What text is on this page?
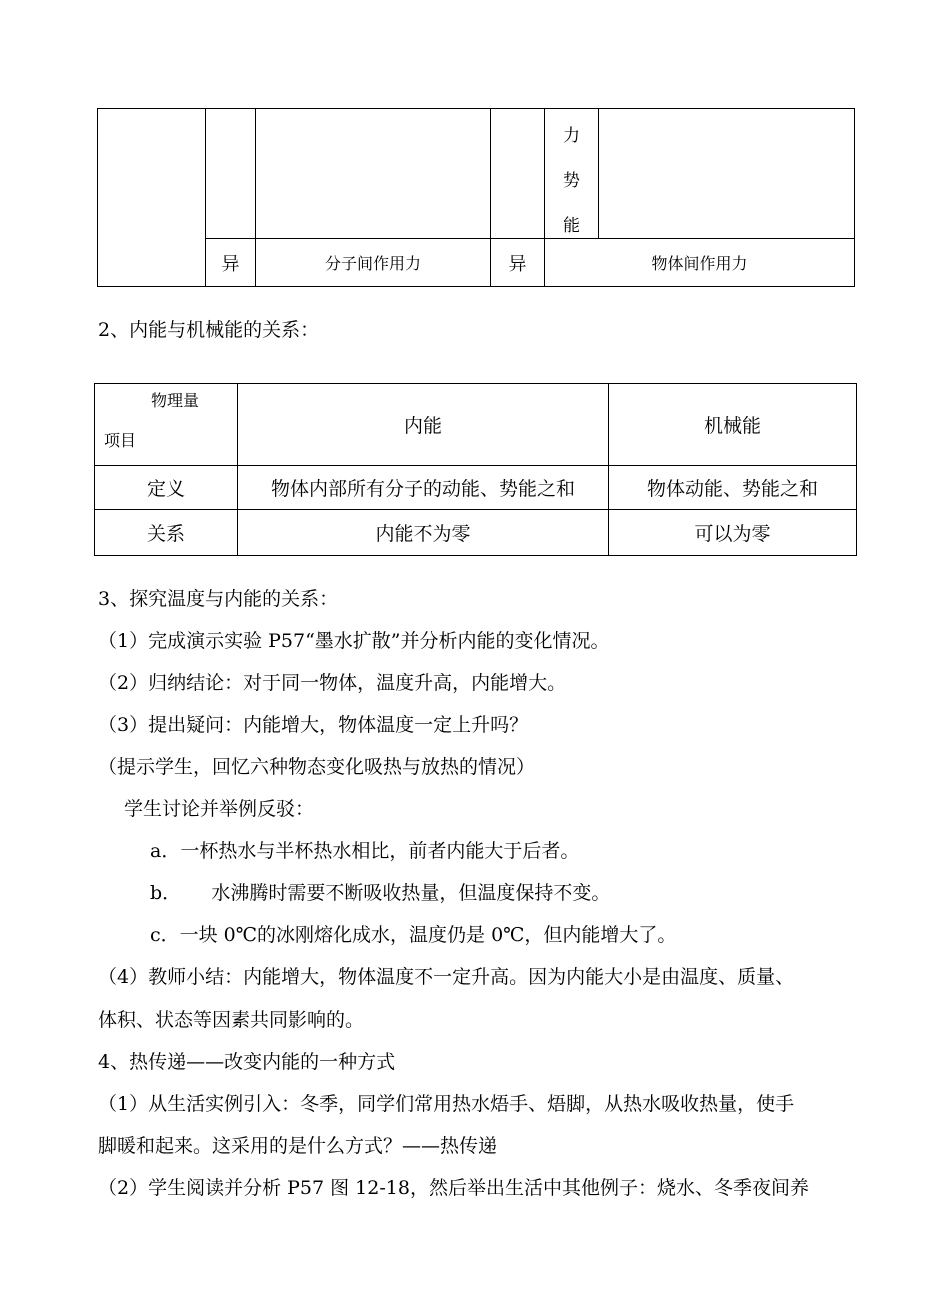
				力
势
能	

	异	分子间作用力	异	物体间作用力	
2、内能与机械能的关系：
物理量
项目	内能	机械能
定义	物体内部所有分子的动能、势能之和	物体动能、势能之和
关系	内能不为零	可以为零
3、探究温度与内能的关系：
（1）完成演示实验 P57“墨水扩散”并分析内能的变化情况。
（2）归纳结论：对于同一物体，温度升高，内能增大。
（3）提出疑问：内能增大，物体温度一定上升吗？
（提示学生，回忆六种物态变化吸热与放热的情况）
学生讨论并举例反驳：
a．一杯热水与半杯热水相比，前者内能大于后者。
b．     水沸腾时需要不断吸收热量，但温度保持不变。
c．一块 0℃的冰刚熔化成水，温度仍是 0℃，但内能增大了。
（4）教师小结：内能增大，物体温度不一定升高。因为内能大小是由温度、质量、
体积、状态等因素共同影响的。
4、热传递——改变内能的一种方式
（1）从生活实例引入：冬季，同学们常用热水焐手、焐脚，从热水吸收热量，使手
脚暖和起来。这采用的是什么方式？——热传递
（2）学生阅读并分析 P57 图 12-18，然后举出生活中其他例子：烧水、冬季夜间养
